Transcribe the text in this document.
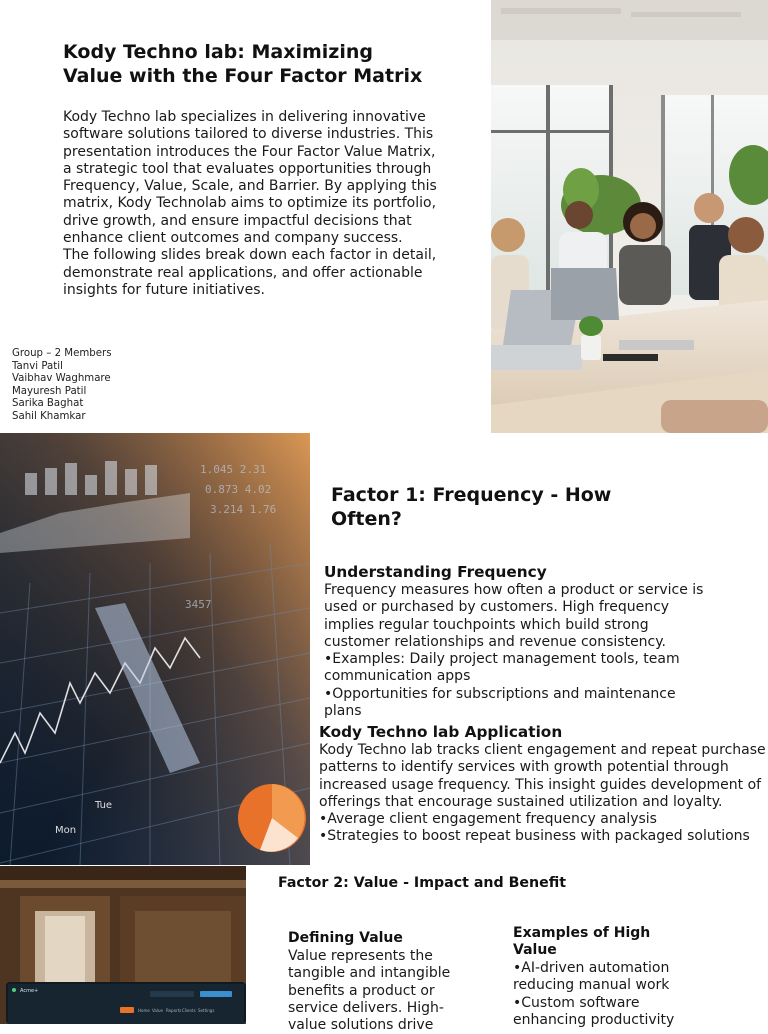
Kody Techno lab: Maximizing Value with the Four Factor Matrix

Kody Techno lab specializes in delivering innovative software solutions tailored to diverse industries. This presentation introduces the Four Factor Value Matrix, a strategic tool that evaluates opportunities through Frequency, Value, Scale, and Barrier. By applying this matrix, Kody Technolab aims to optimize its portfolio, drive growth, and ensure impactful decisions that enhance client outcomes and company success.

The following slides break down each factor in detail, demonstrate real applications, and offer actionable insights for future initiatives.

Group – 2 Members
Tanvi Patil
Vaibhav Waghmare
Mayuresh Patil
Sarika Baghat
Sahil Khamkar
1.045 2.31
0.873 4.02
3.214 1.76
3457
Mon
Tue
Factor 1: Frequency - How Often?
Understanding Frequency

Frequency measures how often a product or service is used or purchased by customers. High frequency implies regular touchpoints which build strong customer relationships and revenue consistency.

•Examples: Daily project management tools, team communication apps

•Opportunities for subscriptions and maintenance plans

Kody Techno lab Application

Kody Techno lab tracks client engagement and repeat purchase patterns to identify services with growth potential through increased usage frequency. This insight guides development of offerings that encourage sustained utilization and loyalty.

•Average client engagement frequency analysis

•Strategies to boost repeat business with packaged solutions

Acme+
Home Value Reports Clients Settings
Factor 2: Value - Impact and Benefit
Defining Value

Value represents the tangible and intangible benefits a product or service delivers. High-value solutions drive

Examples of High Value

•AI-driven automation reducing manual work

•Custom software enhancing productivity
